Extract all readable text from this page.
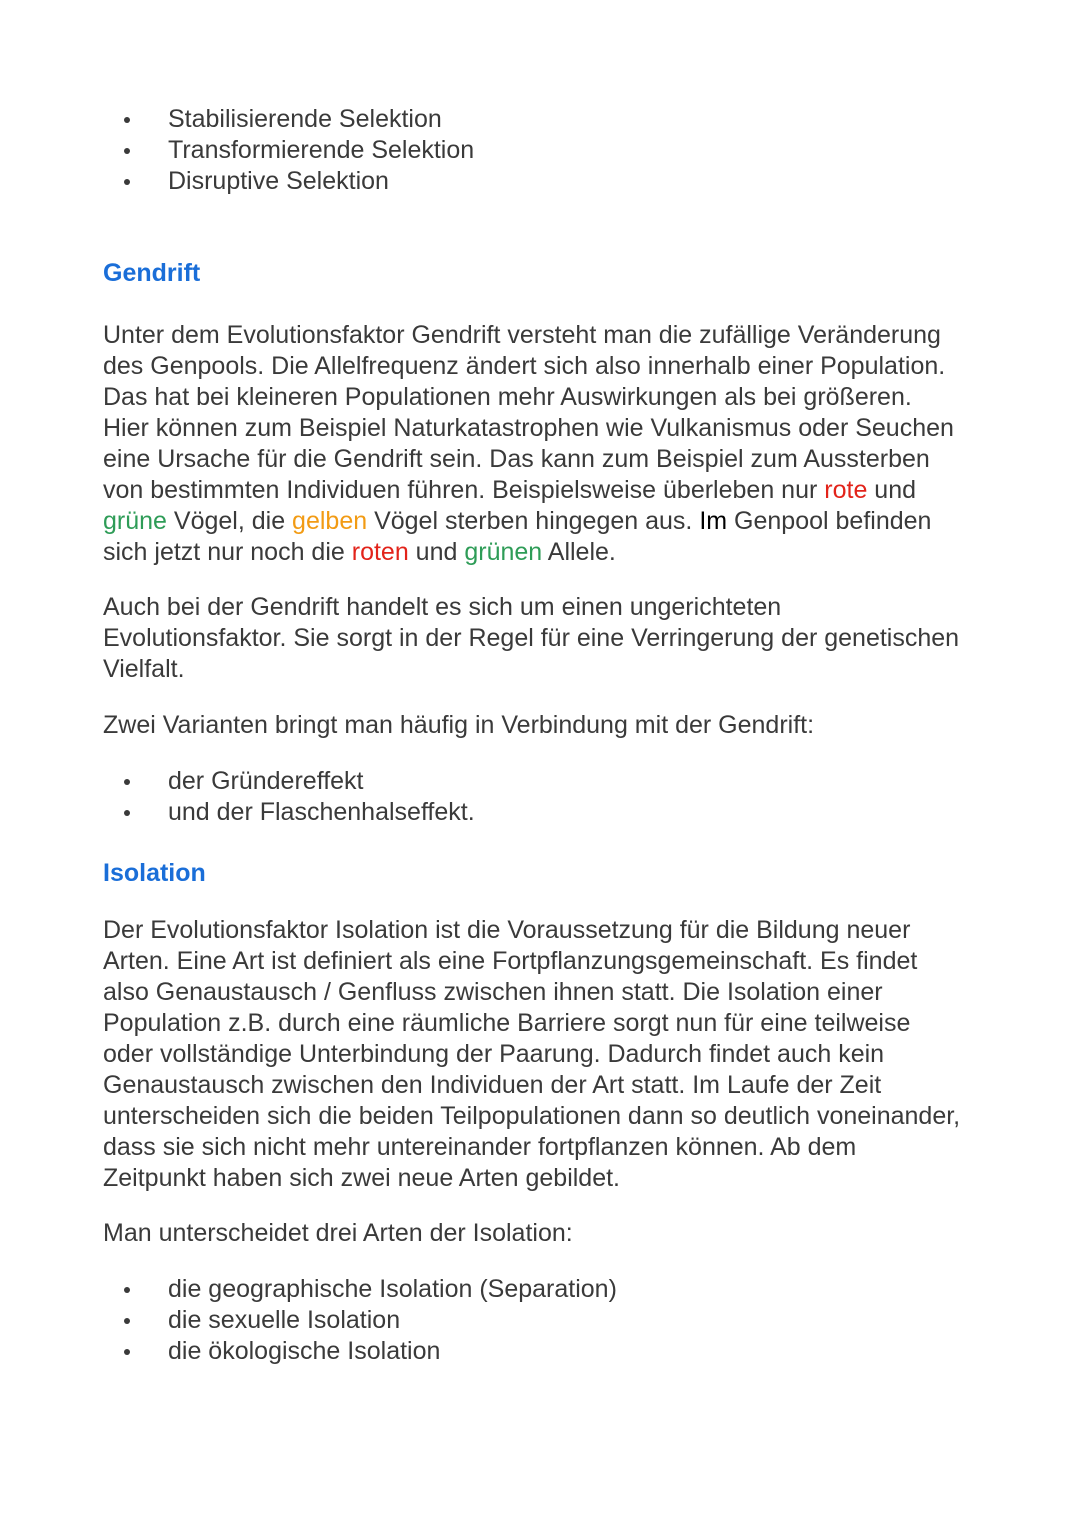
Stabilisierende Selektion
Transformierende Selektion
Disruptive Selektion
Gendrift

Unter dem Evolutionsfaktor Gendrift versteht man die zufällige Veränderung

des Genpools. Die Allelfrequenz ändert sich also innerhalb einer Population.

Das hat bei kleineren Populationen mehr Auswirkungen als bei größeren.

Hier können zum Beispiel Naturkatastrophen wie Vulkanismus oder Seuchen

eine Ursache für die Gendrift sein. Das kann zum Beispiel zum Aussterben

von bestimmten Individuen führen. Beispielsweise überleben nur rote und

grüne Vögel, die gelben Vögel sterben hingegen aus. Im Genpool befinden

sich jetzt nur noch die roten und grünen Allele.

Auch bei der Gendrift handelt es sich um einen ungerichteten

Evolutionsfaktor. Sie sorgt in der Regel für eine Verringerung der genetischen

Vielfalt.

Zwei Varianten bringt man häufig in Verbindung mit der Gendrift:

der Gründereffekt
und der Flaschenhalseffekt.
Isolation

Der Evolutionsfaktor Isolation ist die Voraussetzung für die Bildung neuer

Arten. Eine Art ist definiert als eine Fortpflanzungsgemeinschaft. Es findet

also Genaustausch / Genfluss zwischen ihnen statt. Die Isolation einer

Population z.B. durch eine räumliche Barriere sorgt nun für eine teilweise

oder vollständige Unterbindung der Paarung. Dadurch findet auch kein

Genaustausch zwischen den Individuen der Art statt. Im Laufe der Zeit

unterscheiden sich die beiden Teilpopulationen dann so deutlich voneinander,

dass sie sich nicht mehr untereinander fortpflanzen können. Ab dem

Zeitpunkt haben sich zwei neue Arten gebildet.

Man unterscheidet drei Arten der Isolation:

die geographische Isolation (Separation)
die sexuelle Isolation
die ökologische Isolation
